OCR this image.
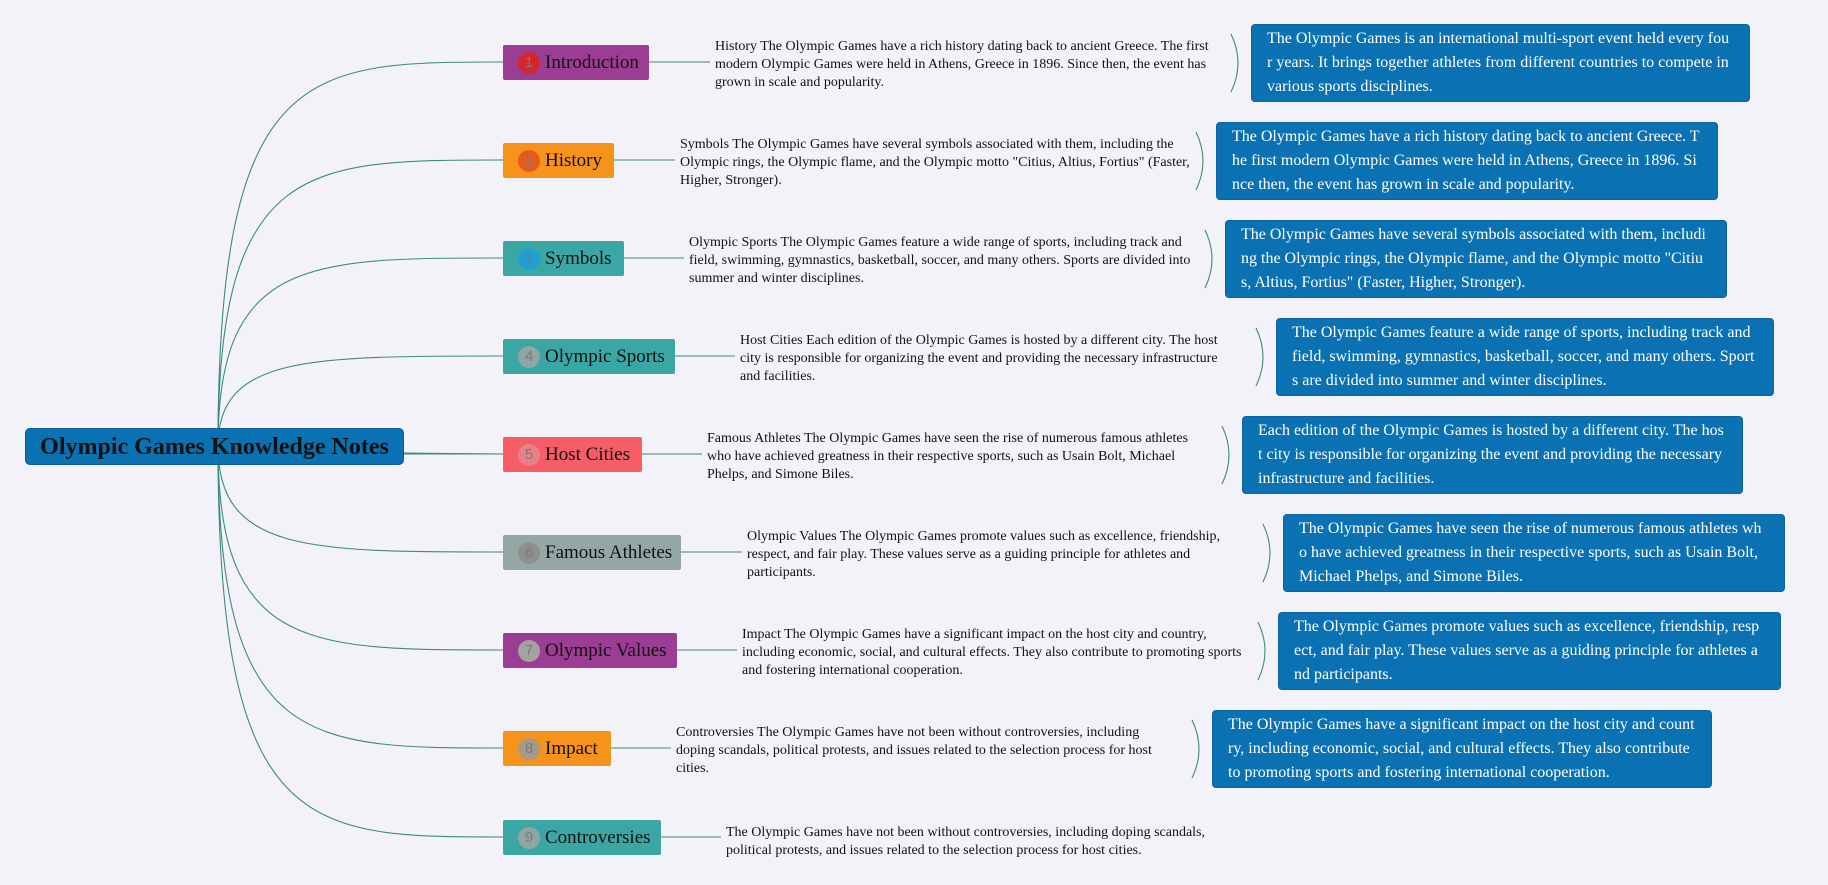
Olympic Games Knowledge Notes
1 Introduction
History The Olympic Games have a rich history dating back to ancient Greece. The first modern Olympic Games were held in Athens, Greece in 1896. Since then, the event has grown in scale and popularity.
The Olympic Games is an international multi-sport event held every four years. It brings together athletes from different countries to compete in various sports disciplines.
2 History
Symbols The Olympic Games have several symbols associated with them, including the Olympic rings, the Olympic flame, and the Olympic motto "Citius, Altius, Fortius" (Faster, Higher, Stronger).
The Olympic Games have a rich history dating back to ancient Greece. The first modern Olympic Games were held in Athens, Greece in 1896. Since then, the event has grown in scale and popularity.
3 Symbols
Olympic Sports The Olympic Games feature a wide range of sports, including track and field, swimming, gymnastics, basketball, soccer, and many others. Sports are divided into summer and winter disciplines.
The Olympic Games have several symbols associated with them, including the Olympic rings, the Olympic flame, and the Olympic motto "Citius, Altius, Fortius" (Faster, Higher, Stronger).
4 Olympic Sports
Host Cities Each edition of the Olympic Games is hosted by a different city. The host city is responsible for organizing the event and providing the necessary infrastructure and facilities.
The Olympic Games feature a wide range of sports, including track and field, swimming, gymnastics, basketball, soccer, and many others. Sports are divided into summer and winter disciplines.
5 Host Cities
Famous Athletes The Olympic Games have seen the rise of numerous famous athletes who have achieved greatness in their respective sports, such as Usain Bolt, Michael Phelps, and Simone Biles.
Each edition of the Olympic Games is hosted by a different city. The host city is responsible for organizing the event and providing the necessary infrastructure and facilities.
6 Famous Athletes
Olympic Values The Olympic Games promote values such as excellence, friendship, respect, and fair play. These values serve as a guiding principle for athletes and participants.
The Olympic Games have seen the rise of numerous famous athletes who have achieved greatness in their respective sports, such as Usain Bolt, Michael Phelps, and Simone Biles.
7 Olympic Values
Impact The Olympic Games have a significant impact on the host city and country, including economic, social, and cultural effects. They also contribute to promoting sports and fostering international cooperation.
The Olympic Games promote values such as excellence, friendship, respect, and fair play. These values serve as a guiding principle for athletes and participants.
8 Impact
Controversies The Olympic Games have not been without controversies, including doping scandals, political protests, and issues related to the selection process for host cities.
The Olympic Games have a significant impact on the host city and country, including economic, social, and cultural effects. They also contribute to promoting sports and fostering international cooperation.
9 Controversies	The Olympic Games have not been without controversies, including doping scandals, political protests, and issues related to the selection process for host cities.
